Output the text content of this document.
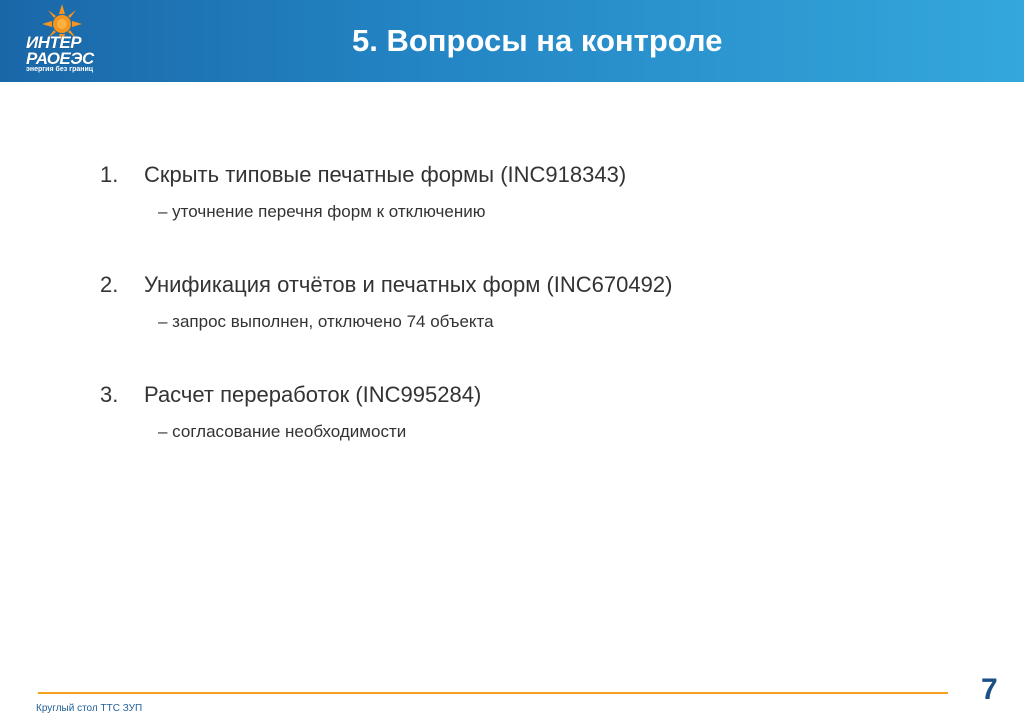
ИНТЕР
РАОЕЭС
энергия без границ
5. Вопросы на контроле
1. Скрыть типовые печатные формы (INC918343)
– уточнение перечня форм к отключению
2. Унификация отчётов и печатных форм (INC670492)
– запрос выполнен, отключено 74 объекта
3. Расчет переработок (INC995284)
– согласование необходимости
Круглый стол ТТС ЗУП
7
